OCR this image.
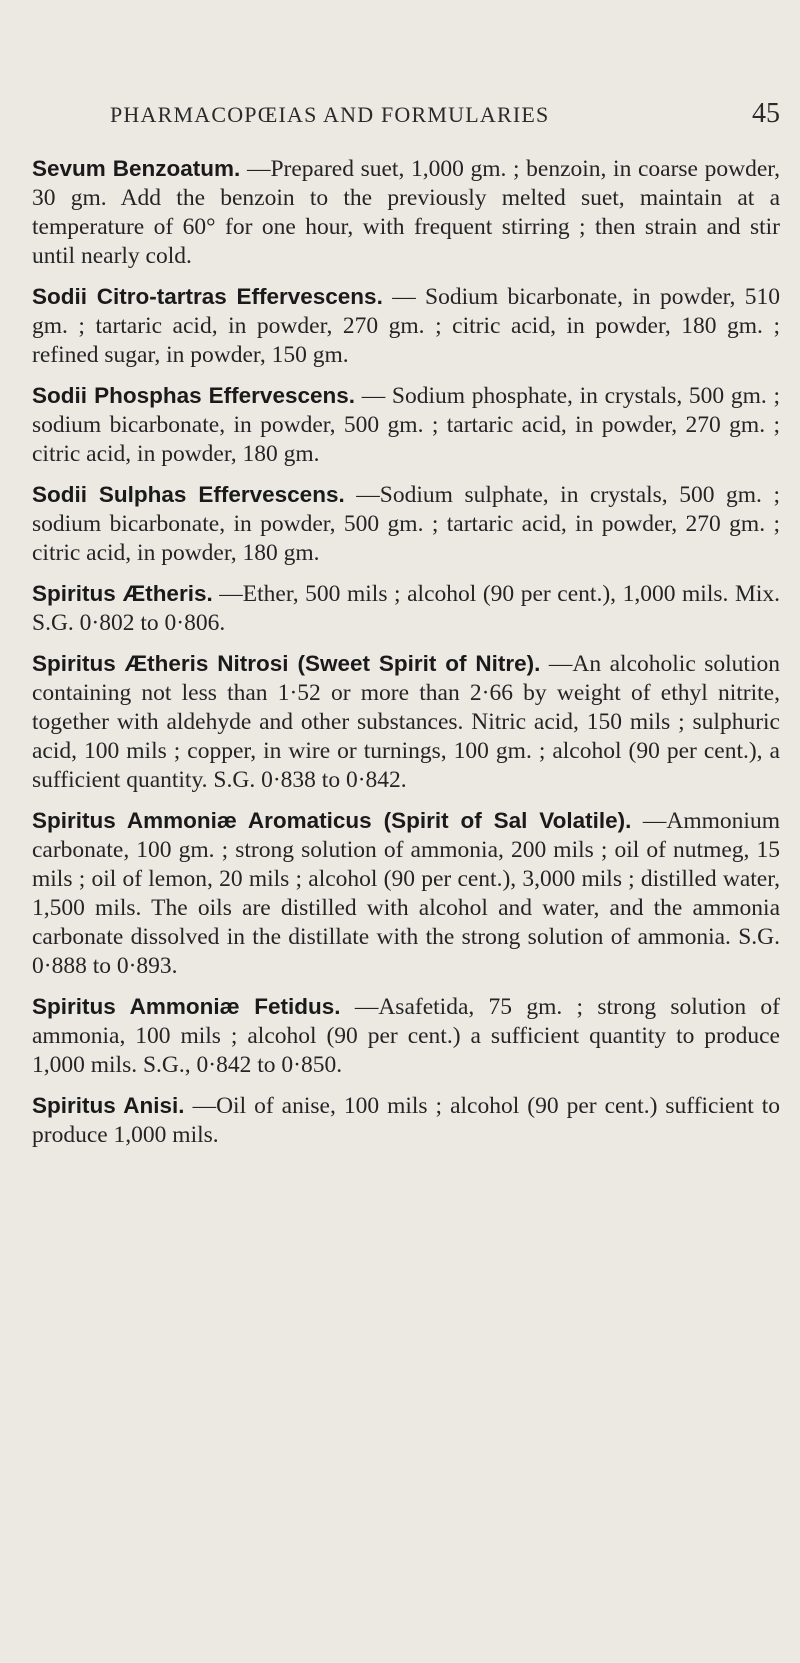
PHARMACOPŒIAS AND FORMULARIES	45

Sevum Benzoatum. —Prepared suet, 1,000 gm. ; benzoin, in coarse powder, 30 gm. Add the benzoin to the previously melted suet, maintain at a temperature of 60° for one hour, with frequent stirring ; then strain and stir until nearly cold.

Sodii Citro-tartras Effervescens. — Sodium bicarbonate, in powder, 510 gm. ; tartaric acid, in powder, 270 gm. ; citric acid, in powder, 180 gm. ; refined sugar, in powder, 150 gm.

Sodii Phosphas Effervescens. — Sodium phosphate, in crystals, 500 gm. ; sodium bicarbonate, in powder, 500 gm. ; tartaric acid, in powder, 270 gm. ; citric acid, in powder, 180 gm.

Sodii Sulphas Effervescens. —Sodium sulphate, in crystals, 500 gm. ; sodium bicarbonate, in powder, 500 gm. ; tartaric acid, in powder, 270 gm. ; citric acid, in powder, 180 gm.

Spiritus Ætheris. —Ether, 500 mils ; alcohol (90 per cent.), 1,000 mils. Mix. S.G. 0·802 to 0·806.

Spiritus Ætheris Nitrosi (Sweet Spirit of Nitre). —An alcoholic solution containing not less than 1·52 or more than 2·66 by weight of ethyl nitrite, together with aldehyde and other substances. Nitric acid, 150 mils ; sulphuric acid, 100 mils ; copper, in wire or turnings, 100 gm. ; alcohol (90 per cent.), a sufficient quantity. S.G. 0·838 to 0·842.

Spiritus Ammoniæ Aromaticus (Spirit of Sal Volatile). —Ammonium carbonate, 100 gm. ; strong solution of ammonia, 200 mils ; oil of nutmeg, 15 mils ; oil of lemon, 20 mils ; alcohol (90 per cent.), 3,000 mils ; distilled water, 1,500 mils. The oils are distilled with alcohol and water, and the ammonia carbonate dissolved in the distillate with the strong solution of ammonia. S.G. 0·888 to 0·893.

Spiritus Ammoniæ Fetidus. —Asafetida, 75 gm. ; strong solution of ammonia, 100 mils ; alcohol (90 per cent.) a sufficient quantity to produce 1,000 mils. S.G., 0·842 to 0·850.

Spiritus Anisi. —Oil of anise, 100 mils ; alcohol (90 per cent.) sufficient to produce 1,000 mils.
